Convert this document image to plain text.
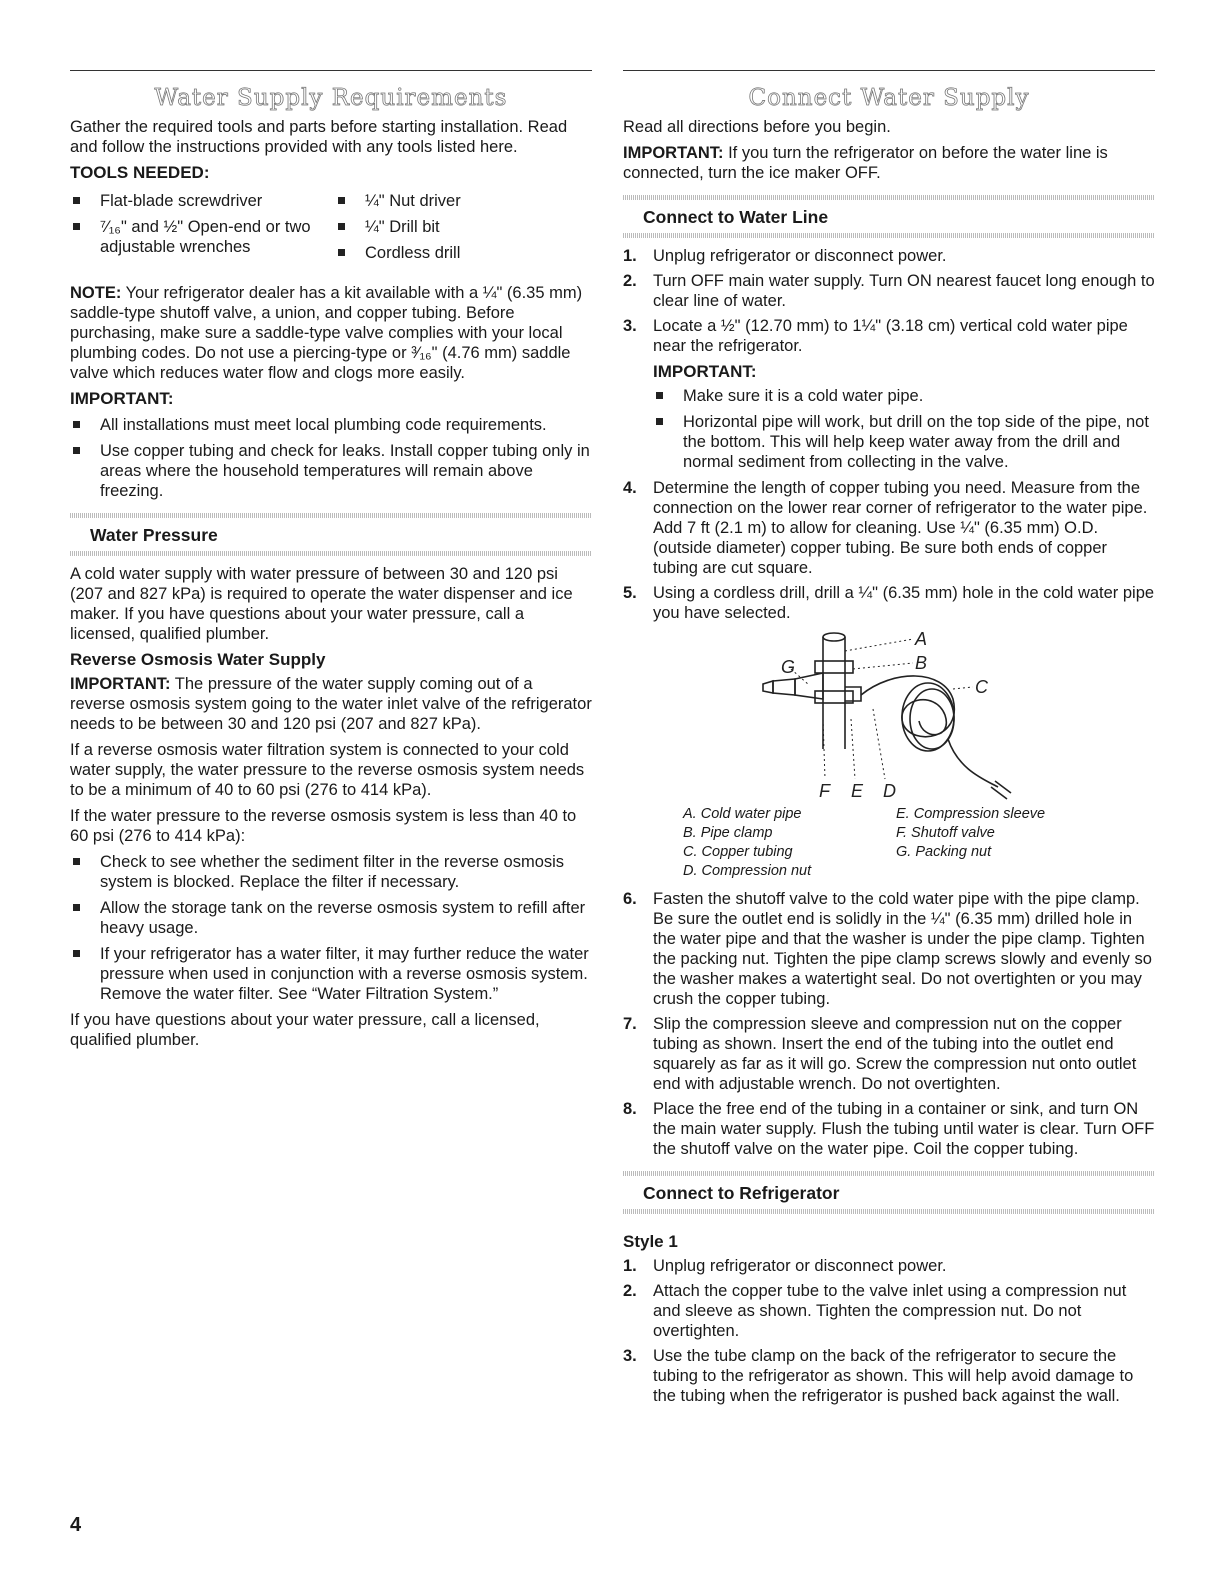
Water Supply Requirements

Gather the required tools and parts before starting installation. Read and follow the instructions provided with any tools listed here.

TOOLS NEEDED:
Flat-blade screwdriver
⁷⁄₁₆" and ½" Open-end or two adjustable wrenches
¼" Nut driver
¼" Drill bit
Cordless drill

NOTE: Your refrigerator dealer has a kit available with a ¼" (6.35 mm) saddle-type shutoff valve, a union, and copper tubing. Before purchasing, make sure a saddle-type valve complies with your local plumbing codes. Do not use a piercing-type or ³⁄₁₆" (4.76 mm) saddle valve which reduces water flow and clogs more easily.

IMPORTANT:
All installations must meet local plumbing code requirements.
Use copper tubing and check for leaks. Install copper tubing only in areas where the household temperatures will remain above freezing.
Water Pressure

A cold water supply with water pressure of between 30 and 120 psi (207 and 827 kPa) is required to operate the water dispenser and ice maker. If you have questions about your water pressure, call a licensed, qualified plumber.

Reverse Osmosis Water Supply

IMPORTANT: The pressure of the water supply coming out of a reverse osmosis system going to the water inlet valve of the refrigerator needs to be between 30 and 120 psi (207 and 827 kPa).

If a reverse osmosis water filtration system is connected to your cold water supply, the water pressure to the reverse osmosis system needs to be a minimum of 40 to 60 psi (276 to 414 kPa).

If the water pressure to the reverse osmosis system is less than 40 to 60 psi (276 to 414 kPa):

Check to see whether the sediment filter in the reverse osmosis system is blocked. Replace the filter if necessary.
Allow the storage tank on the reverse osmosis system to refill after heavy usage.
If your refrigerator has a water filter, it may further reduce the water pressure when used in conjunction with a reverse osmosis system. Remove the water filter. See “Water Filtration System.”

If you have questions about your water pressure, call a licensed, qualified plumber.

Connect Water Supply

Read all directions before you begin.

IMPORTANT: If you turn the refrigerator on before the water line is connected, turn the ice maker OFF.

Connect to Water Line
1. Unplug refrigerator or disconnect power.
2. Turn OFF main water supply. Turn ON nearest faucet long enough to clear line of water.
3. Locate a ½" (12.70 mm) to 1¼" (3.18 cm) vertical cold water pipe near the refrigerator.
IMPORTANT:
Make sure it is a cold water pipe.
Horizontal pipe will work, but drill on the top side of the pipe, not the bottom. This will help keep water away from the drill and normal sediment from collecting in the valve.
4. Determine the length of copper tubing you need. Measure from the connection on the lower rear corner of refrigerator to the water pipe. Add 7 ft (2.1 m) to allow for cleaning. Use ¼" (6.35 mm) O.D. (outside diameter) copper tubing. Be sure both ends of copper tubing are cut square.
5. Using a cordless drill, drill a ¼" (6.35 mm) hole in the cold water pipe you have selected.
A
B
C
G
F E D
A. Cold water pipe
B. Pipe clamp
C. Copper tubing
D. Compression nut
E. Compression sleeve
F. Shutoff valve
G. Packing nut
6. Fasten the shutoff valve to the cold water pipe with the pipe clamp. Be sure the outlet end is solidly in the ¼" (6.35 mm) drilled hole in the water pipe and that the washer is under the pipe clamp. Tighten the packing nut. Tighten the pipe clamp screws slowly and evenly so the washer makes a watertight seal. Do not overtighten or you may crush the copper tubing.
7. Slip the compression sleeve and compression nut on the copper tubing as shown. Insert the end of the tubing into the outlet end squarely as far as it will go. Screw the compression nut onto outlet end with adjustable wrench. Do not overtighten.
8. Place the free end of the tubing in a container or sink, and turn ON the main water supply. Flush the tubing until water is clear. Turn OFF the shutoff valve on the water pipe. Coil the copper tubing.
Connect to Refrigerator
Style 1
1. Unplug refrigerator or disconnect power.
2. Attach the copper tube to the valve inlet using a compression nut and sleeve as shown. Tighten the compression nut. Do not overtighten.
3. Use the tube clamp on the back of the refrigerator to secure the tubing to the refrigerator as shown. This will help avoid damage to the tubing when the refrigerator is pushed back against the wall.
4
